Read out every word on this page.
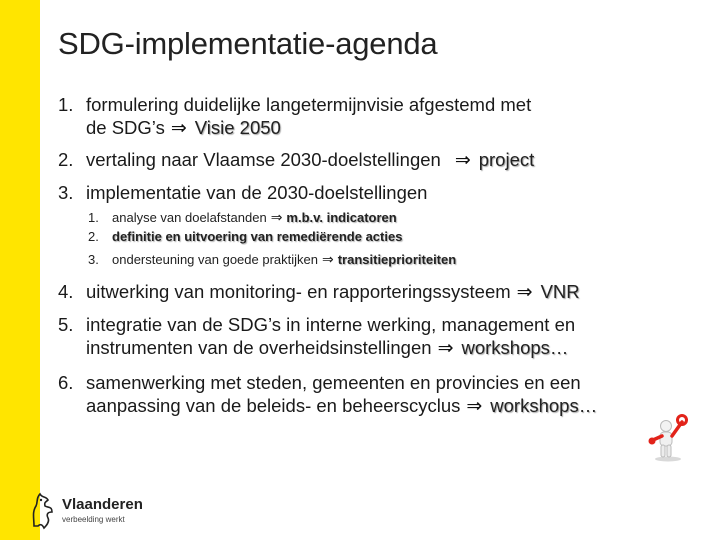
SDG-implementatie-agenda
1. formulering duidelijke langetermijnvisie afgestemd met
de SDG’s ⇒ Visie 2050
2. vertaling naar Vlaamse 2030-doelstellingen ⇒ project
3. implementatie van de 2030-doelstellingen
1. analyse van doelafstanden ⇒ m.b.v. indicatoren
2. definitie en uitvoering van remediërende acties
3. ondersteuning van goede praktijken ⇒ transitieprioriteiten
4. uitwerking van monitoring- en rapporteringssysteem ⇒ VNR
5. integratie van de SDG’s in interne werking, management en
instrumenten van de overheidsinstellingen ⇒ workshops…
6. samenwerking met steden, gemeenten en provincies en een
aanpassing van de beleids- en beheerscyclus ⇒ workshops…
Vlaanderen
verbeelding werkt
